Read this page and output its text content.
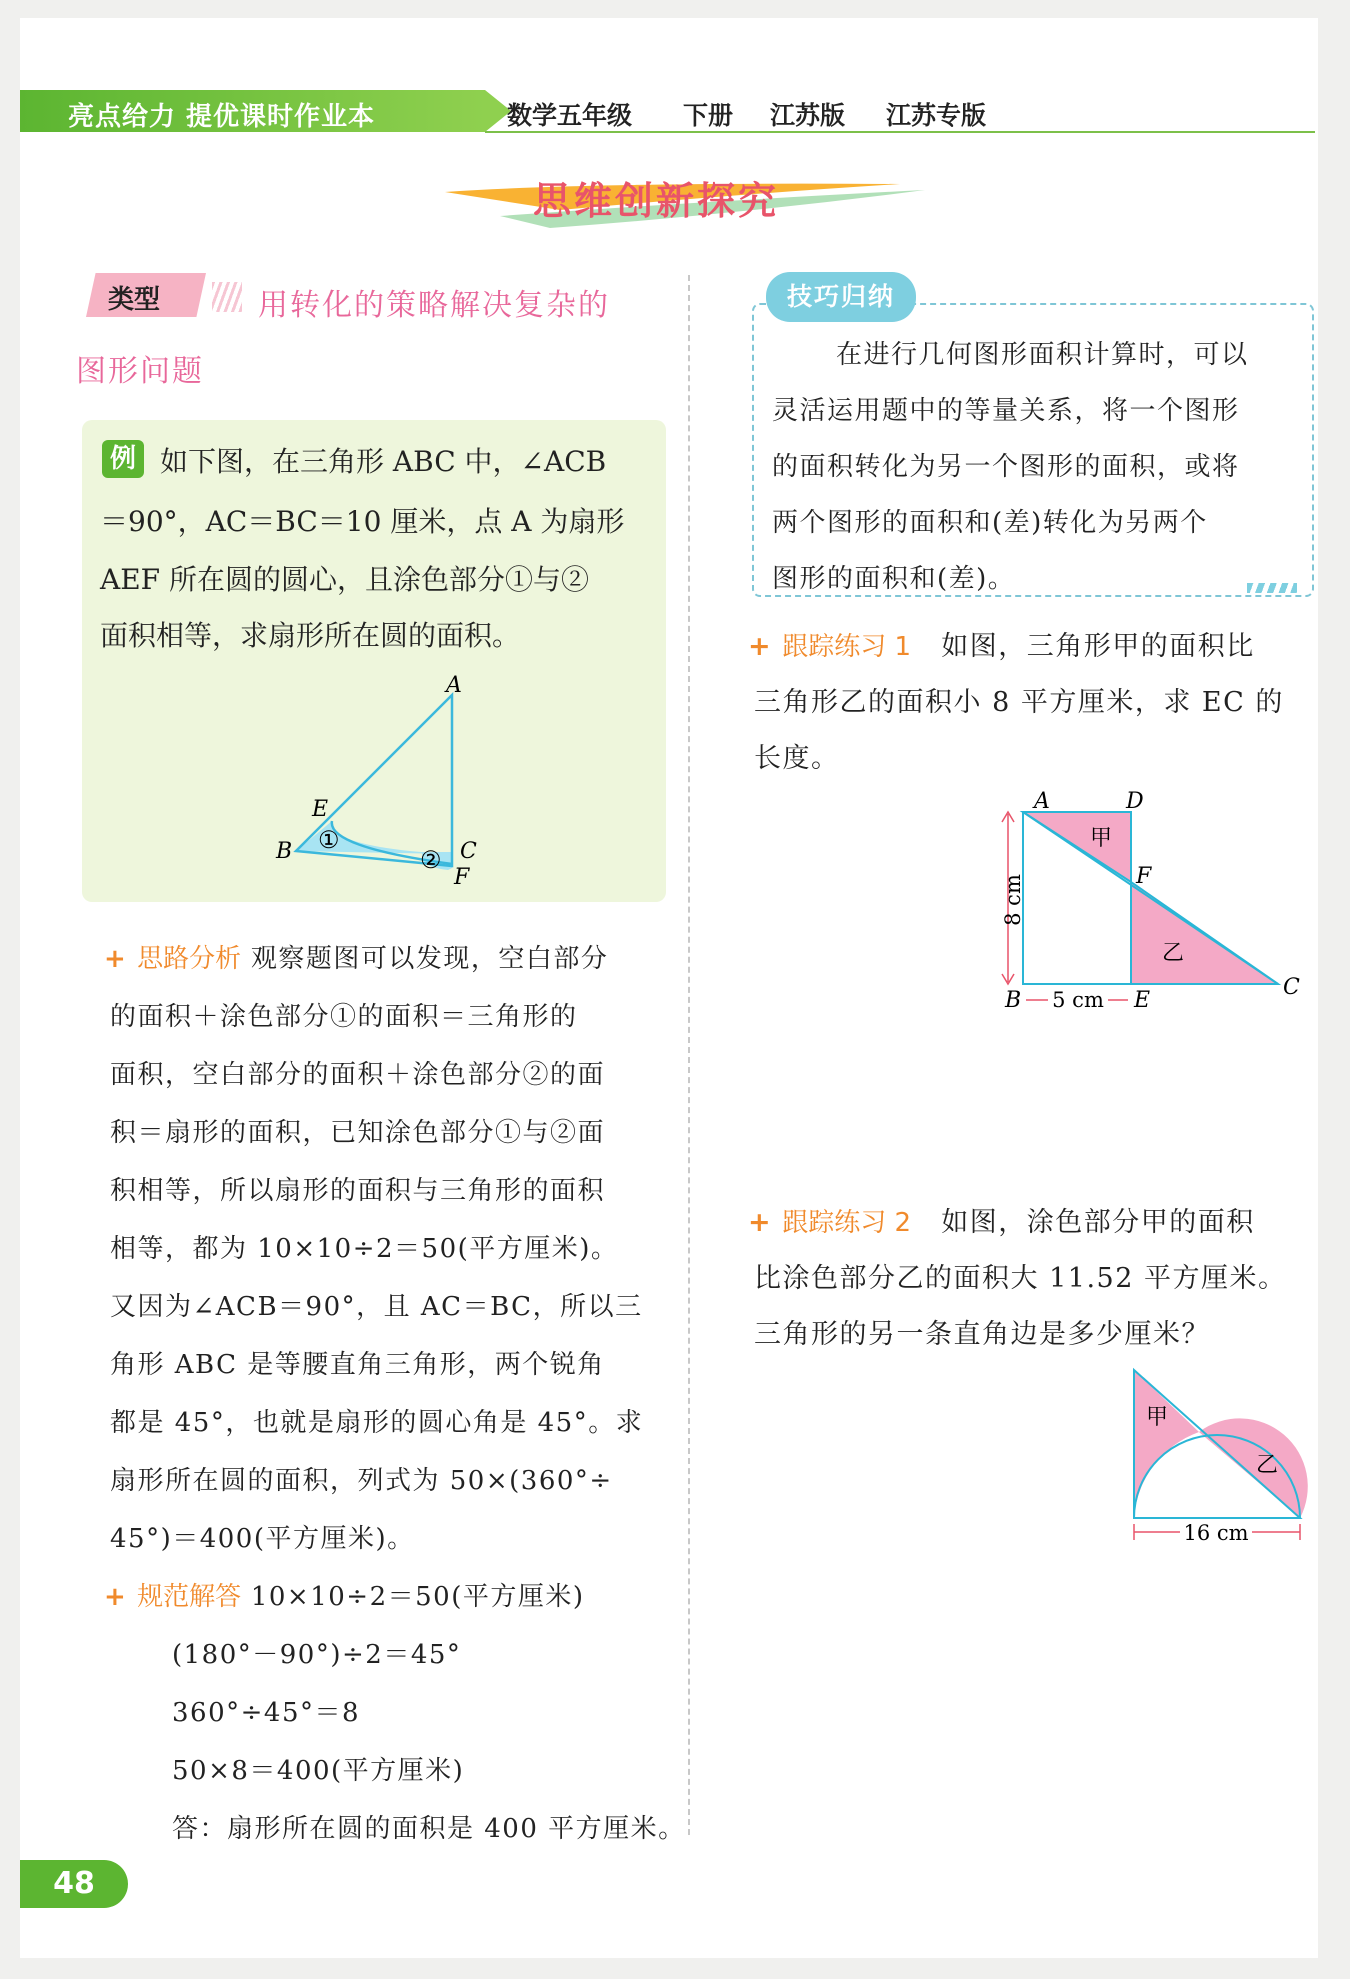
亮点给力 提优课时作业本	数学五年级 下册 江苏版 江苏专版
思维创新探究
类型	用转化的策略解决复杂的
图形问题
例 如下图，在三角形 ABC 中，∠ACB
＝90°，AC＝BC＝10 厘米，点 A 为扇形
AEF 所在圆的圆心，且涂色部分①与②
面积相等，求扇形所在圆的面积。
A
B	C
E
F
①
②
+ 思路分析 观察题图可以发现，空白部分
的面积＋涂色部分①的面积＝三角形的
面积，空白部分的面积＋涂色部分②的面
积＝扇形的面积，已知涂色部分①与②面
积相等，所以扇形的面积与三角形的面积
相等，都为 10×10÷2＝50(平方厘米)。
又因为∠ACB＝90°，且 AC＝BC，所以三
角形 ABC 是等腰直角三角形，两个锐角
都是 45°，也就是扇形的圆心角是 45°。求
扇形所在圆的面积，列式为 50×(360°÷
45°)＝400(平方厘米)。
+ 规范解答 10×10÷2＝50(平方厘米)
(180°－90°)÷2＝45°
360°÷45°＝8
50×8＝400(平方厘米)
答：扇形所在圆的面积是 400 平方厘米。
技巧归纳
在进行几何图形面积计算时，可以
灵活运用题中的等量关系，将一个图形
的面积转化为另一个图形的面积，或将
两个图形的面积和(差)转化为另两个
图形的面积和(差)。
+ 跟踪练习 1 如图，三角形甲的面积比
三角形乙的面积小 8 平方厘米，求 EC 的
长度。
A	D
F
B	E
C
甲
乙
8 cm
5 cm
+ 跟踪练习 2 如图，涂色部分甲的面积
比涂色部分乙的面积大 11.52 平方厘米。
三角形的另一条直角边是多少厘米？
甲
乙
16 cm
48
